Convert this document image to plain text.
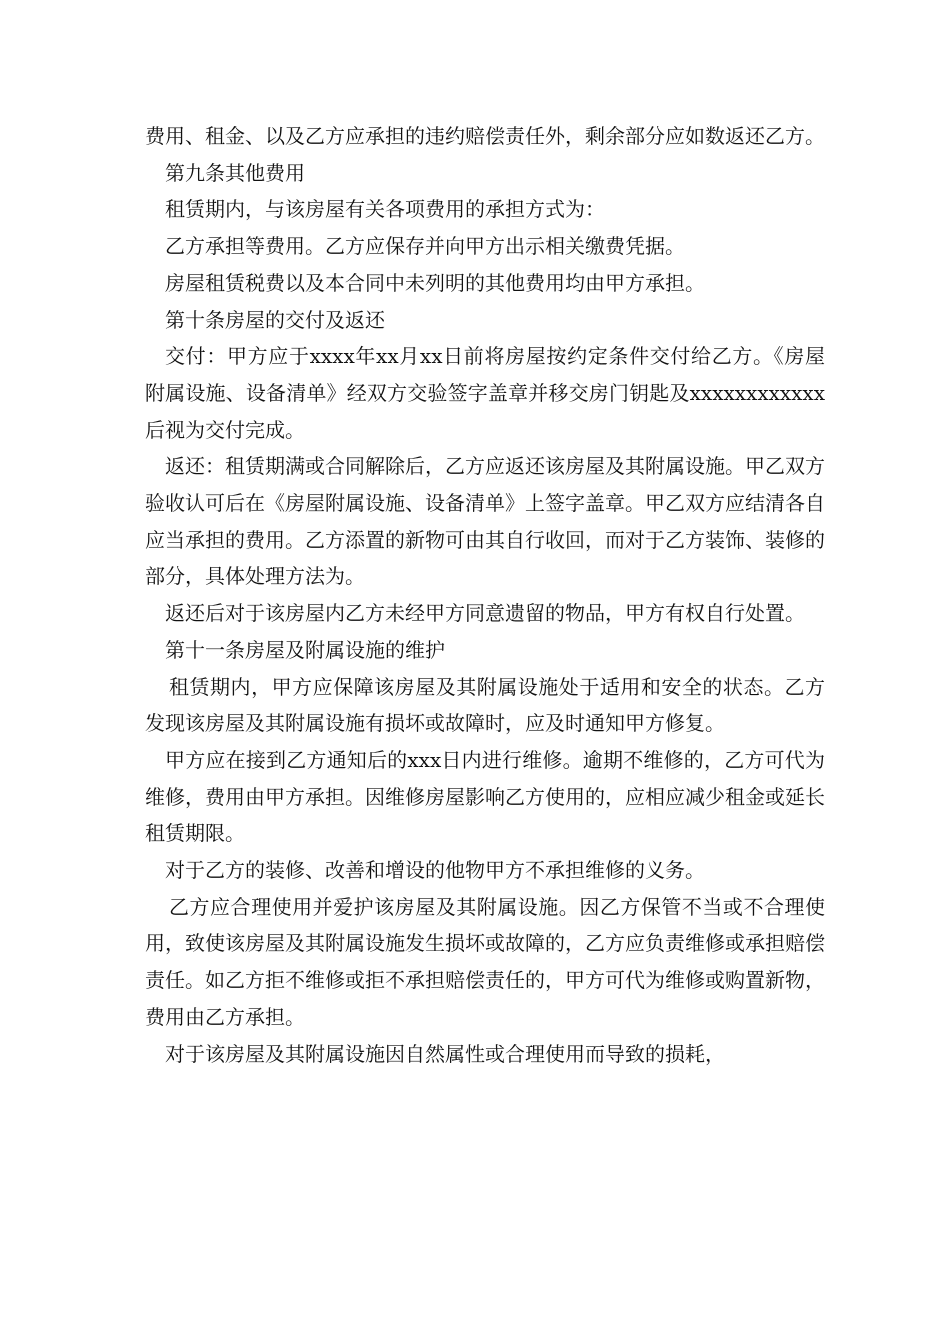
费用、租金、以及乙方应承担的违约赔偿责任外，剩余部分应如数返还乙方。

第九条其他费用

租赁期内，与该房屋有关各项费用的承担方式为：

乙方承担等费用。乙方应保存并向甲方出示相关缴费凭据。

房屋租赁税费以及本合同中未列明的其他费用均由甲方承担。

第十条房屋的交付及返还

交付：甲方应于xxxx年xx月xx日前将房屋按约定条件交付给乙方。《房屋附属设施、设备清单》经双方交验签字盖章并移交房门钥匙及xxxxxxxxxxxx后视为交付完成。

返还：租赁期满或合同解除后，乙方应返还该房屋及其附属设施。甲乙双方验收认可后在《房屋附属设施、设备清单》上签字盖章。甲乙双方应结清各自应当承担的费用。乙方添置的新物可由其自行收回，而对于乙方装饰、装修的部分，具体处理方法为。

返还后对于该房屋内乙方未经甲方同意遗留的物品，甲方有权自行处置。

第十一条房屋及附属设施的维护

租赁期内，甲方应保障该房屋及其附属设施处于适用和安全的状态。乙方发现该房屋及其附属设施有损坏或故障时，应及时通知甲方修复。

甲方应在接到乙方通知后的xxx日内进行维修。逾期不维修的，乙方可代为维修，费用由甲方承担。因维修房屋影响乙方使用的，应相应减少租金或延长租赁期限。

对于乙方的装修、改善和增设的他物甲方不承担维修的义务。

乙方应合理使用并爱护该房屋及其附属设施。因乙方保管不当或不合理使用，致使该房屋及其附属设施发生损坏或故障的，乙方应负责维修或承担赔偿责任。如乙方拒不维修或拒不承担赔偿责任的，甲方可代为维修或购置新物，费用由乙方承担。

对于该房屋及其附属设施因自然属性或合理使用而导致的损耗，
